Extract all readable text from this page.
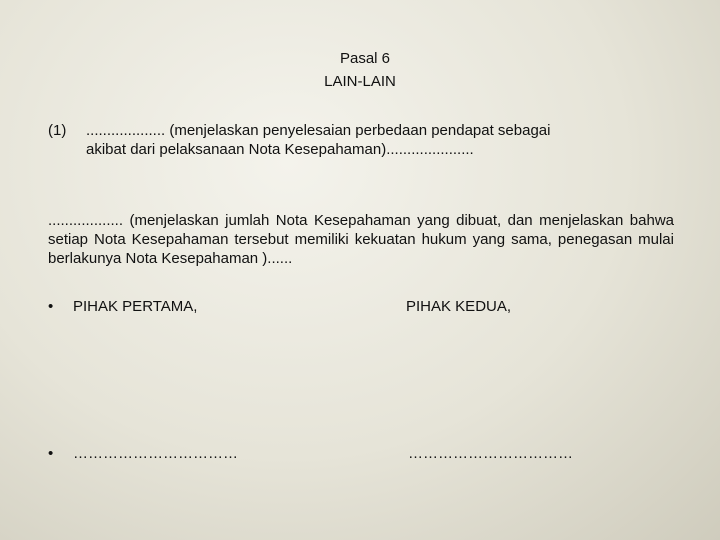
Pasal 6
LAIN-LAIN
(1) ................... (menjelaskan penyelesaian perbedaan pendapat sebagai
akibat dari pelaksanaan Nota Kesepahaman).....................
.................. (menjelaskan jumlah Nota Kesepahaman yang dibuat, dan menjelaskan bahwa setiap Nota Kesepahaman tersebut memiliki kekuatan hukum yang sama, penegasan mulai berlakunya Nota Kesepahaman )......
• PIHAK PERTAMA,	PIHAK KEDUA,
• ……………………………	……………………………
